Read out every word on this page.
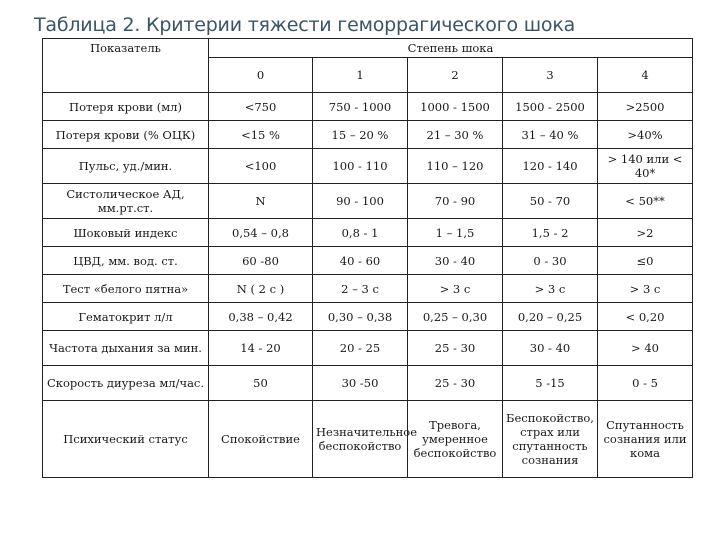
Таблица 2. Критерии тяжести геморрагического шока
Показатель	Степень шока				
	0	1	2	3	4
Потеря крови (мл)	<750	750 - 1000	1000 - 1500	1500 - 2500	>2500
Потеря крови (% ОЦК)	<15 %	15 – 20 %	21 – 30 %	31 – 40 %	>40%
Пульс, уд./мин.	<100	100 - 110	110 – 120	120 - 140	> 140 или < 40*
Систолическое АД, мм.рт.ст.	N	90 - 100	70 - 90	50 - 70	< 50**
Шоковый индекс	0,54 – 0,8	0,8 - 1	1 – 1,5	1,5 - 2	>2
ЦВД, мм. вод. ст.	60 -80	40 - 60	30 - 40	0 - 30	≤0
Тест «белого пятна»	N ( 2 c )	2 – 3 c	> 3 c	> 3 c	> 3 c
Гематокрит л/л	0,38 – 0,42	0,30 – 0,38	0,25 – 0,30	0,20 – 0,25	< 0,20
Частота дыхания за мин.	14 - 20	20 - 25	25 - 30	30 - 40	> 40
Скорость диуреза мл/час.	50	30 -50	25 - 30	5 -15	0 - 5
Психический статус	Спокойствие	Незначительное беспокойство	Тревога, умеренное беспокойство	Беспокойство, страх или спутанность сознания	Спутанность сознания или кома
